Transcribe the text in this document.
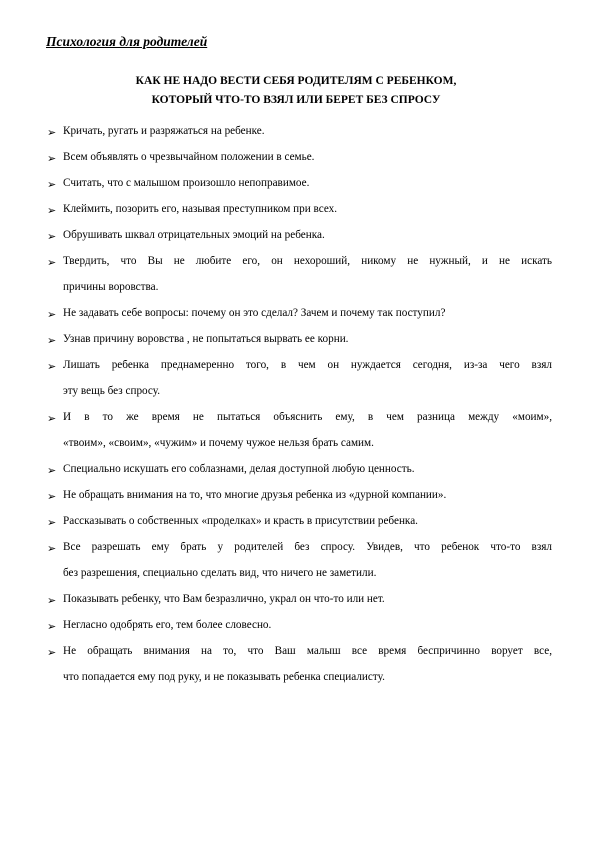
Психология для родителей
КАК НЕ НАДО ВЕСТИ СЕБЯ РОДИТЕЛЯМ С РЕБЕНКОМ,
КОТОРЫЙ ЧТО-ТО ВЗЯЛ ИЛИ БЕРЕТ БЕЗ СПРОСУ
➢ Кричать, ругать и разряжаться на ребенке.
➢ Всем объявлять о чрезвычайном положении в семье.
➢ Считать, что с малышом произошло непоправимое.
➢ Клеймить, позорить его, называя преступником при всех.
➢ Обрушивать шквал отрицательных эмоций на ребенка.
➢ Твердить, что Вы не любите его, он нехороший, никому не нужный, и не искать
причины воровства.
➢ Не задавать себе вопросы: почему он это сделал? Зачем и почему так поступил?
➢ Узнав причину воровства , не попытаться вырвать ее корни.
➢ Лишать ребенка преднамеренно того, в чем он нуждается сегодня, из-за чего взял
эту вещь без спросу.
➢ И в то же время не пытаться объяснить ему, в чем разница между «моим»,
«твоим», «своим», «чужим» и почему чужое нельзя брать самим.
➢ Специально искушать его соблазнами, делая доступной любую ценность.
➢ Не обращать внимания на то, что многие друзья ребенка из «дурной компании».
➢ Рассказывать о собственных «проделках» и красть в присутствии ребенка.
➢ Все разрешать ему брать у родителей без спросу. Увидев, что ребенок что-то взял
без разрешения, специально сделать вид, что ничего не заметили.
➢ Показывать ребенку, что Вам безразлично, украл он что-то или нет.
➢ Негласно одобрять его, тем более словесно.
➢ Не обращать внимания на то, что Ваш малыш все время беспричинно ворует все,
что попадается ему под руку, и не показывать ребенка специалисту.
